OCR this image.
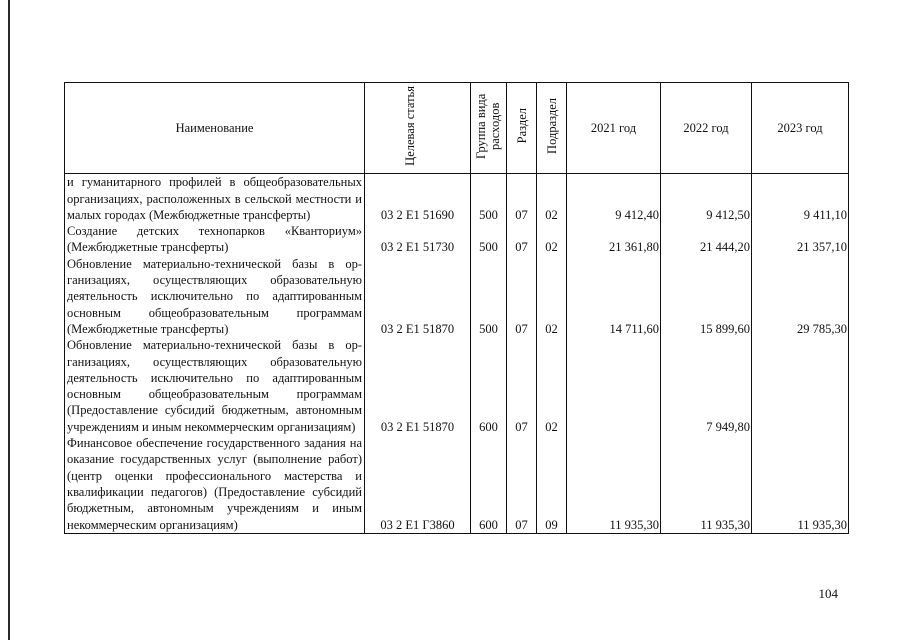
Наименование	Целевая статья	Группа вида расходов	Раздел	Подраздел	2021 год	2022 год	2023 год
и гуманитарного профилей в общеобразовательных организациях, расположенных в сельской местности и малых городах (Межбюджетные трансферты)	03 2 E1 51690	500	07	02	9 412,40	9 412,50	9 411,10
Создание детских технопарков «Кванториум» (Межбюджетные трансферты)	03 2 E1 51730	500	07	02	21 361,80	21 444,20	21 357,10
Обновление материально-технической базы в организациях, осуществляющих образовательную деятельность исключительно по адаптированным основным общеобразовательным программам (Межбюджетные трансферты)	03 2 E1 51870	500	07	02	14 711,60	15 899,60	29 785,30
Обновление материально-технической базы в организациях, осуществляющих образовательную деятельность исключительно по адаптированным основным общеобразовательным программам (Предоставление субсидий бюджетным, автономным учреждениям и иным некоммерческим организациям)	03 2 E1 51870	600	07	02		7 949,80	
Финансовое обеспечение государственного задания на оказание государственных услуг (выполнение работ) (центр оценки профессионального мастерства и квалификации педагогов) (Предоставление субсидий бюджетным, автономным учреждениям и иным некоммерческим организациям)	03 2 E1 Г3860	600	07	09	11 935,30	11 935,30	11 935,30
104
